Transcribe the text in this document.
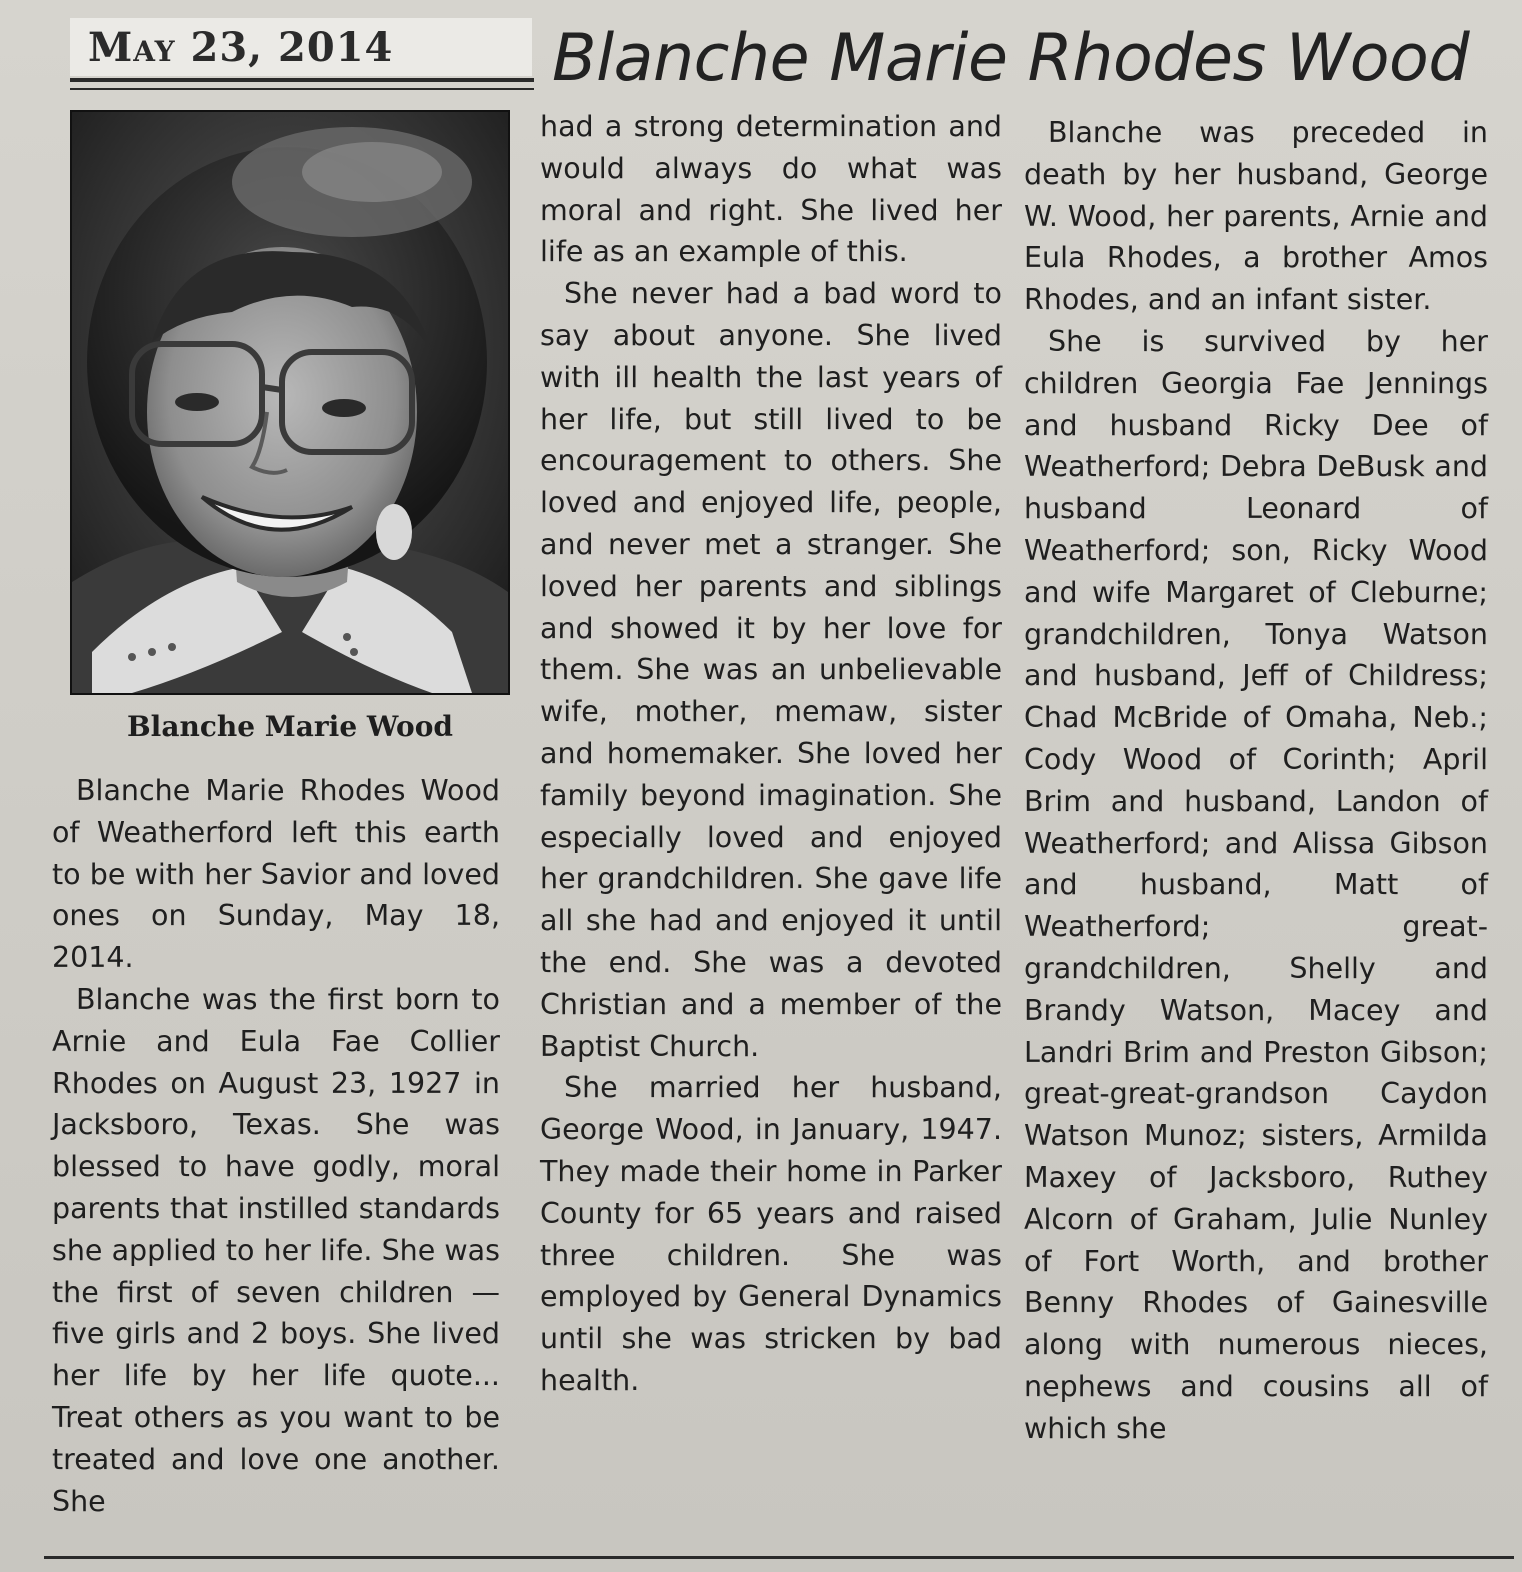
May 23, 2014 Blanche Marie Rhodes Wood
Blanche Marie Wood

Blanche Marie Rhodes Wood of Weatherford left this earth to be with her Savior and loved ones on Sunday, May 18, 2014.

Blanche was the first born to Arnie and Eula Fae Collier Rhodes on August 23, 1927 in Jacksboro, Texas. She was blessed to have godly, moral parents that instilled standards she applied to her life. She was the first of seven children — five girls and 2 boys. She lived her life by her life quote... Treat others as you want to be treated and love one another. She

had a strong determination and would always do what was moral and right. She lived her life as an example of this.

She never had a bad word to say about anyone. She lived with ill health the last years of her life, but still lived to be encouragement to others. She loved and enjoyed life, people, and never met a stranger. She loved her parents and siblings and showed it by her love for them. She was an unbelievable wife, mother, memaw, sister and homemaker. She loved her family beyond imagination. She especially loved and enjoyed her grandchildren. She gave life all she had and enjoyed it until the end. She was a devoted Christian and a member of the Baptist Church.

She married her husband, George Wood, in January, 1947. They made their home in Parker County for 65 years and raised three children. She was employed by General Dynamics until she was stricken by bad health.

Blanche was preceded in death by her husband, George W. Wood, her parents, Arnie and Eula Rhodes, a brother Amos Rhodes, and an infant sister.

She is survived by her children Georgia Fae Jennings and husband Ricky Dee of Weatherford; Debra DeBusk and husband Leonard of Weatherford; son, Ricky Wood and wife Margaret of Cleburne; grandchildren, Tonya Watson and husband, Jeff of Childress; Chad McBride of Omaha, Neb.; Cody Wood of Corinth; April Brim and husband, Landon of Weatherford; and Alissa Gibson and husband, Matt of Weatherford; great-grandchildren, Shelly and Brandy Watson, Macey and Landri Brim and Preston Gibson; great-great-grandson Caydon Watson Munoz; sisters, Armilda Maxey of Jacksboro, Ruthey Alcorn of Graham, Julie Nunley of Fort Worth, and brother Benny Rhodes of Gainesville along with numerous nieces, nephews and cousins all of which she
